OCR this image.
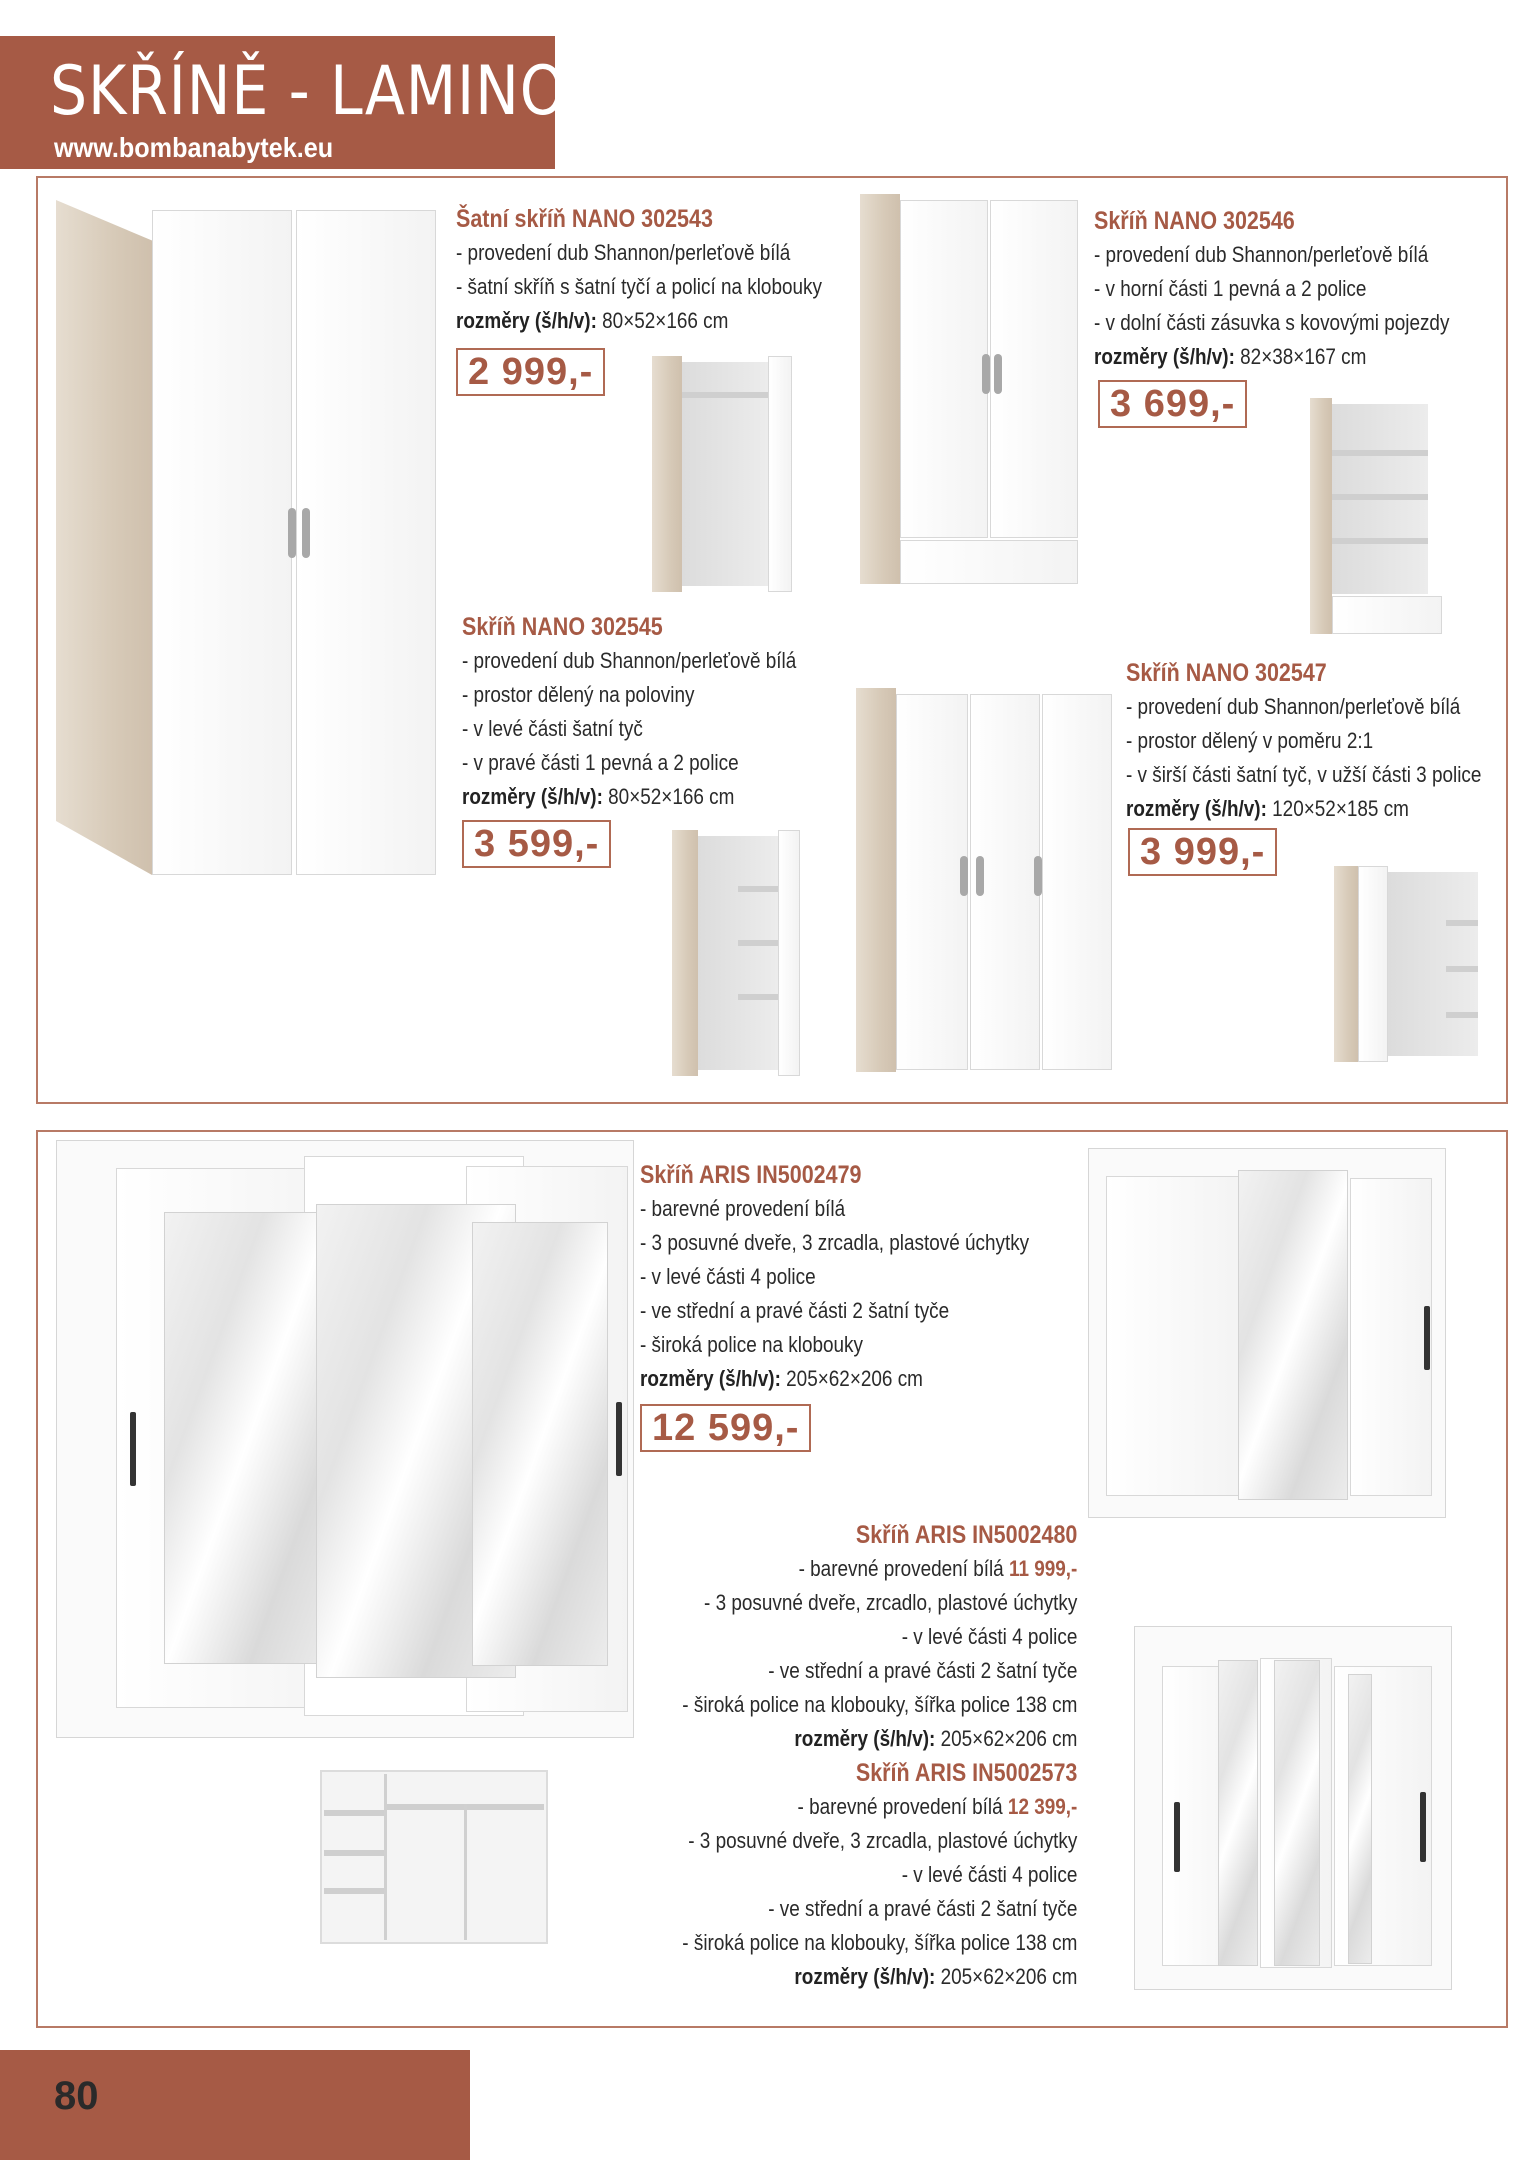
SKŘÍNĚ - LAMINO
www.bombanabytek.eu
Šatní skříň NANO 302543
- provedení dub Shannon/perleťově bílá
- šatní skříň s šatní tyčí a policí na klobouky
rozměry (š/h/v): 80×52×166 cm
2 999,-
Skříň NANO 302546
- provedení dub Shannon/perleťově bílá
- v horní části 1 pevná a 2 police
- v dolní části zásuvka s kovovými pojezdy
rozměry (š/h/v): 82×38×167 cm
3 699,-
Skříň NANO 302545
- provedení dub Shannon/perleťově bílá
- prostor dělený na poloviny
- v levé části šatní tyč
- v pravé části 1 pevná a 2 police
rozměry (š/h/v): 80×52×166 cm
3 599,-
Skříň NANO 302547
- provedení dub Shannon/perleťově bílá
- prostor dělený v poměru 2:1
- v širší části šatní tyč, v užší části 3 police
rozměry (š/h/v): 120×52×185 cm
3 999,-
Skříň ARIS IN5002479
- barevné provedení bílá
- 3 posuvné dveře, 3 zrcadla, plastové úchytky
- v levé části 4 police
- ve střední a pravé části 2 šatní tyče
- široká police na klobouky
rozměry (š/h/v): 205×62×206 cm
12 599,-
Skříň ARIS IN5002480
- barevné provedení bílá 11 999,-
- 3 posuvné dveře, zrcadlo, plastové úchytky
- v levé části 4 police
- ve střední a pravé části 2 šatní tyče
- široká police na klobouky, šířka police 138 cm
rozměry (š/h/v): 205×62×206 cm
Skříň ARIS IN5002573
- barevné provedení bílá 12 399,-
- 3 posuvné dveře, 3 zrcadla, plastové úchytky
- v levé části 4 police
- ve střední a pravé části 2 šatní tyče
- široká police na klobouky, šířka police 138 cm
rozměry (š/h/v): 205×62×206 cm
80
